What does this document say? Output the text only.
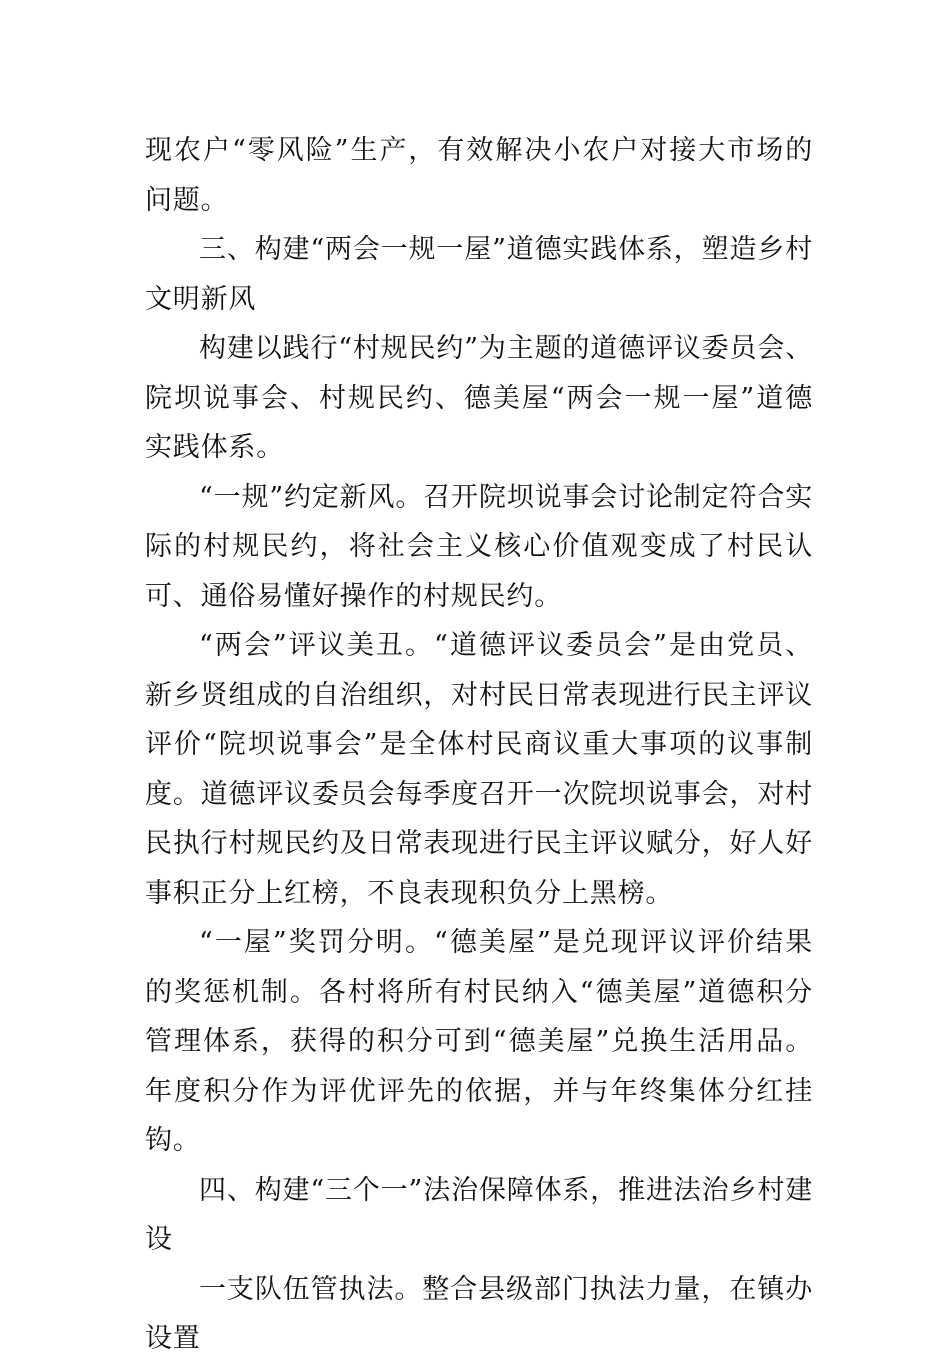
现农户“零风险”生产，有效解决小农户对接大市场的问题。

三、构建“两会一规一屋”道德实践体系，塑造乡村文明新风

构建以践行“村规民约”为主题的道德评议委员会、院坝说事会、村规民约、德美屋“两会一规一屋”道德实践体系。

“一规”约定新风。召开院坝说事会讨论制定符合实际的村规民约，将社会主义核心价值观变成了村民认可、通俗易懂好操作的村规民约。

“两会”评议美丑。“道德评议委员会”是由党员、新乡贤组成的自治组织，对村民日常表现进行民主评议评价“院坝说事会”是全体村民商议重大事项的议事制度。道德评议委员会每季度召开一次院坝说事会，对村民执行村规民约及日常表现进行民主评议赋分，好人好事积正分上红榜，不良表现积负分上黑榜。

“一屋”奖罚分明。“德美屋”是兑现评议评价结果的奖惩机制。各村将所有村民纳入“德美屋”道德积分管理体系，获得的积分可到“德美屋”兑换生活用品。年度积分作为评优评先的依据，并与年终集体分红挂钩。

四、构建“三个一”法治保障体系，推进法治乡村建设

一支队伍管执法。整合县级部门执法力量，在镇办设置
